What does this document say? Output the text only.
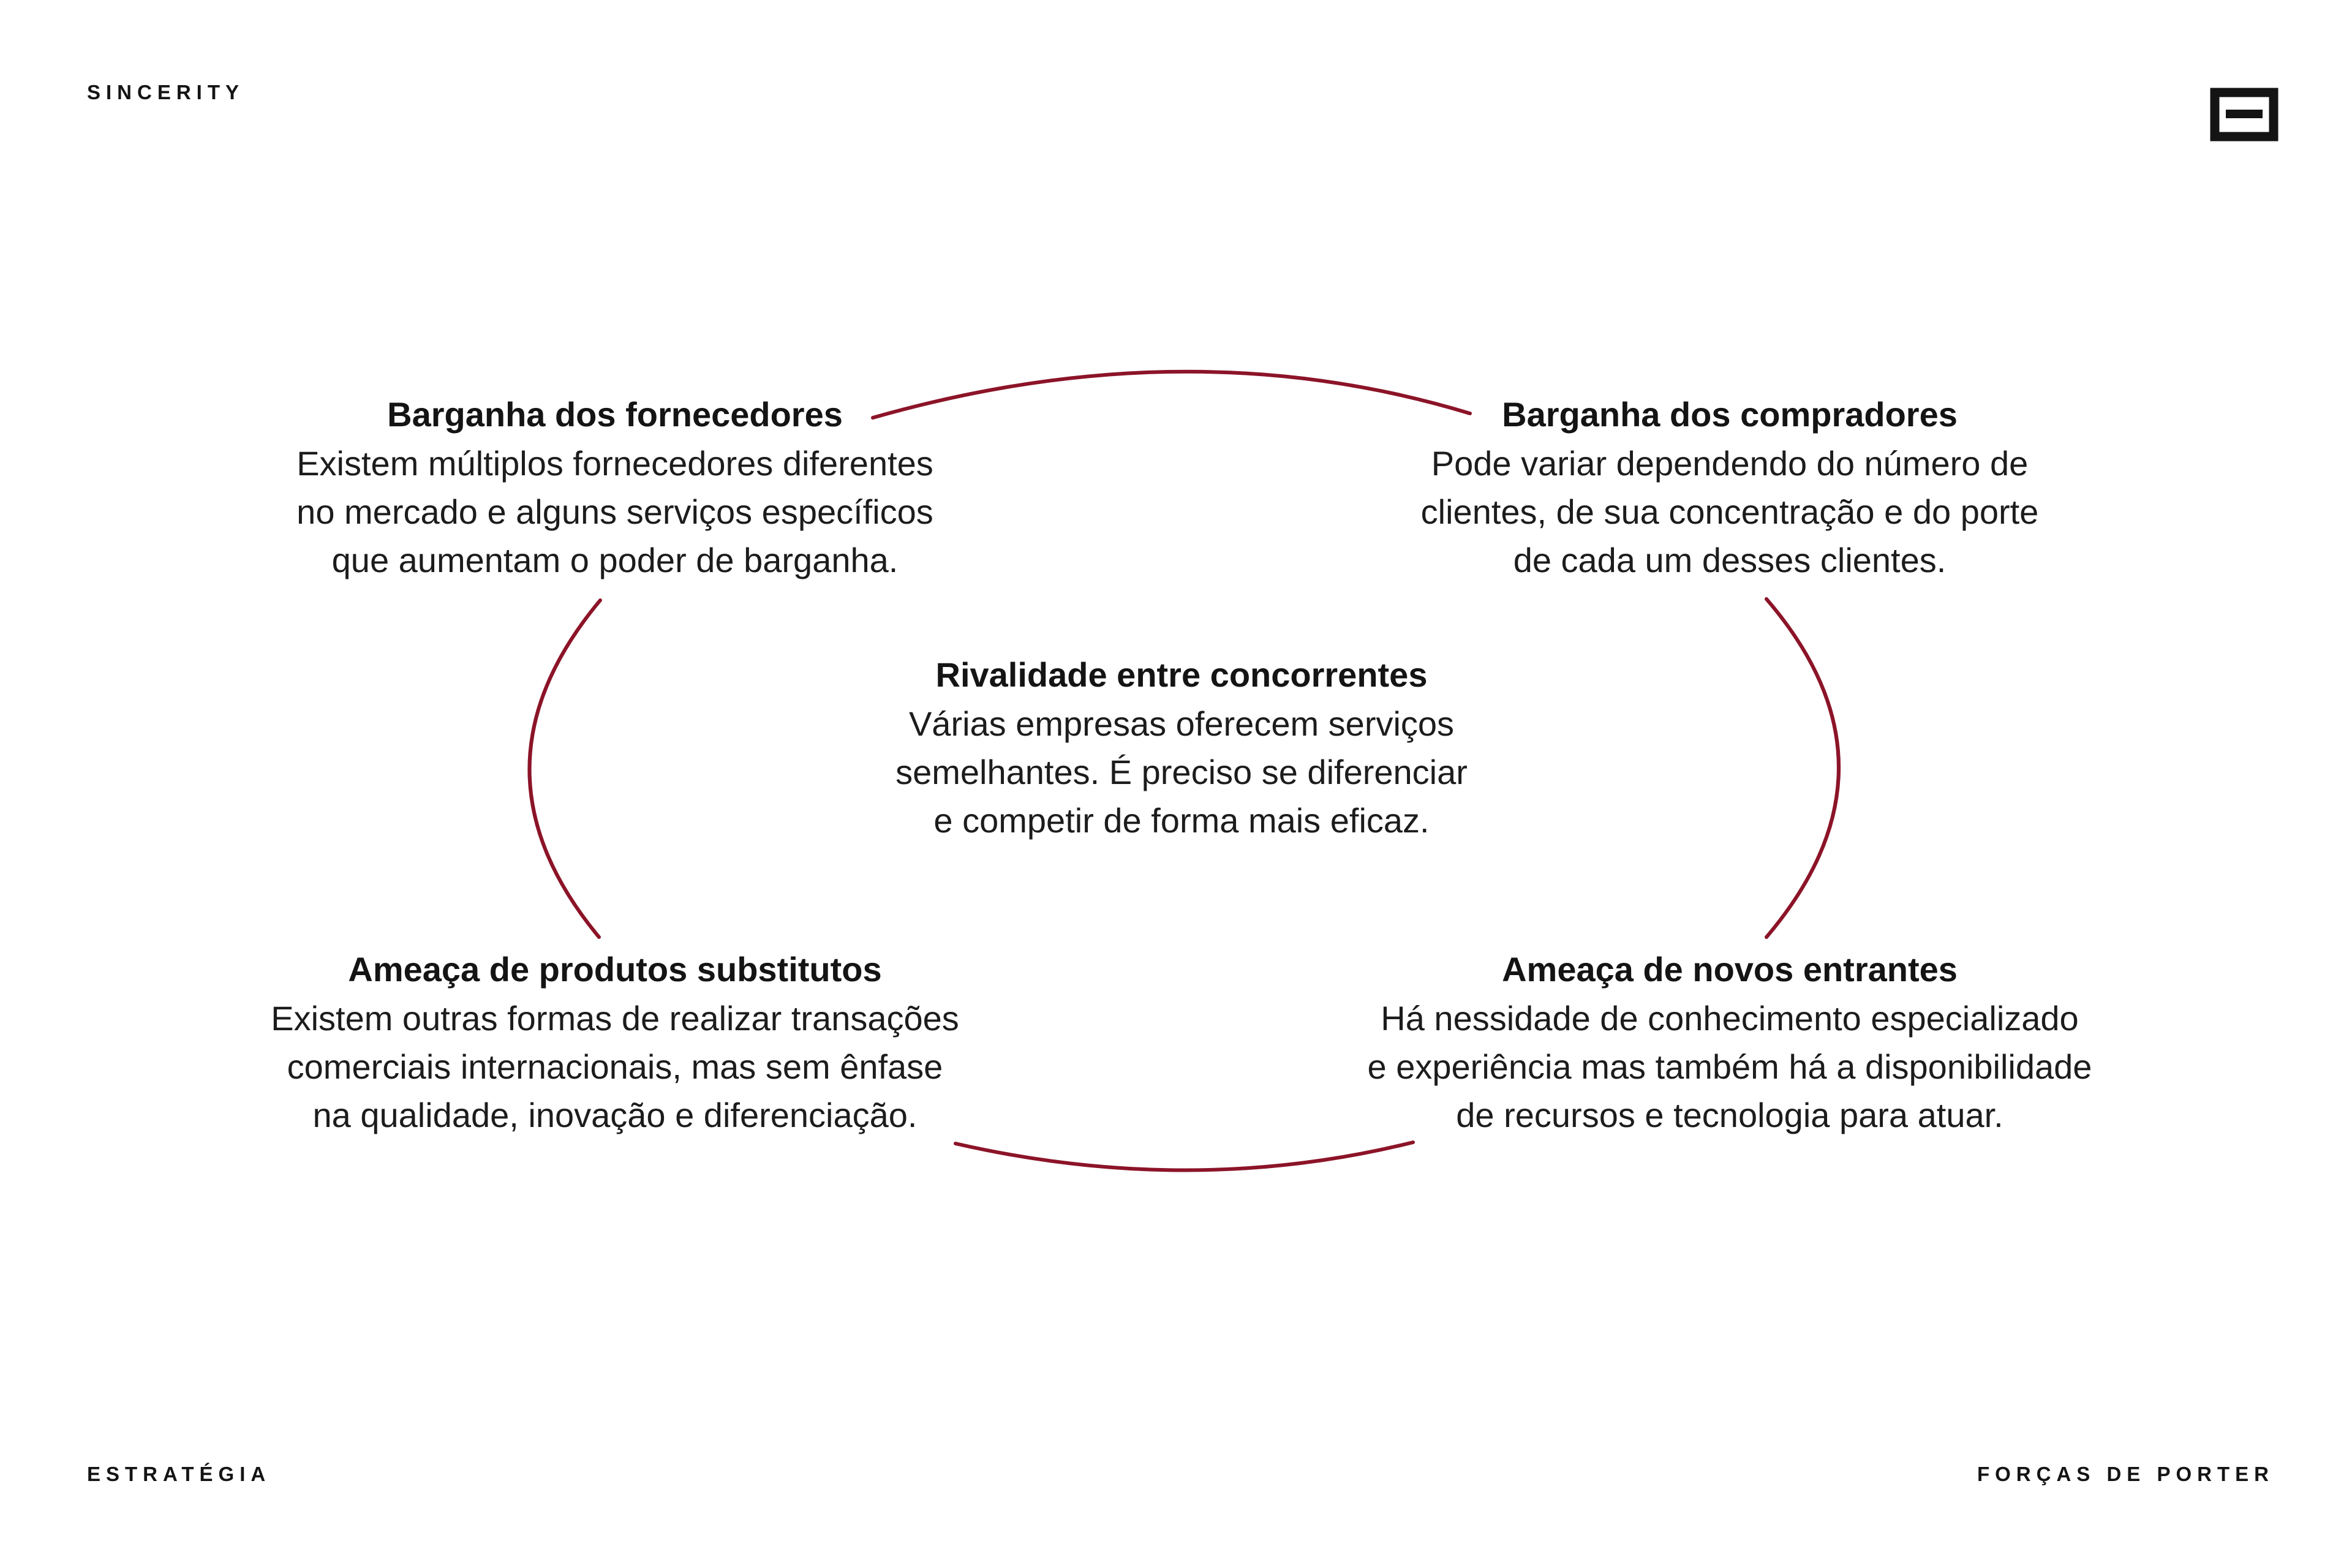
SINCERITY
Barganha dos fornecedores
Existem múltiplos fornecedores diferentes
no mercado e alguns serviços específicos
que aumentam o poder de barganha.
Barganha dos compradores
Pode variar dependendo do número de
clientes, de sua concentração e do porte
de cada um desses clientes.
Rivalidade entre concorrentes
Várias empresas oferecem serviços
semelhantes. É preciso se diferenciar
e competir de forma mais eficaz.
Ameaça de produtos substitutos
Existem outras formas de realizar transações
comerciais internacionais, mas sem ênfase
na qualidade, inovação e diferenciação.
Ameaça de novos entrantes
Há nessidade de conhecimento especializado
e experiência mas também há a disponibilidade
de recursos e tecnologia para atuar.
ESTRATÉGIA	FORÇAS DE PORTER
